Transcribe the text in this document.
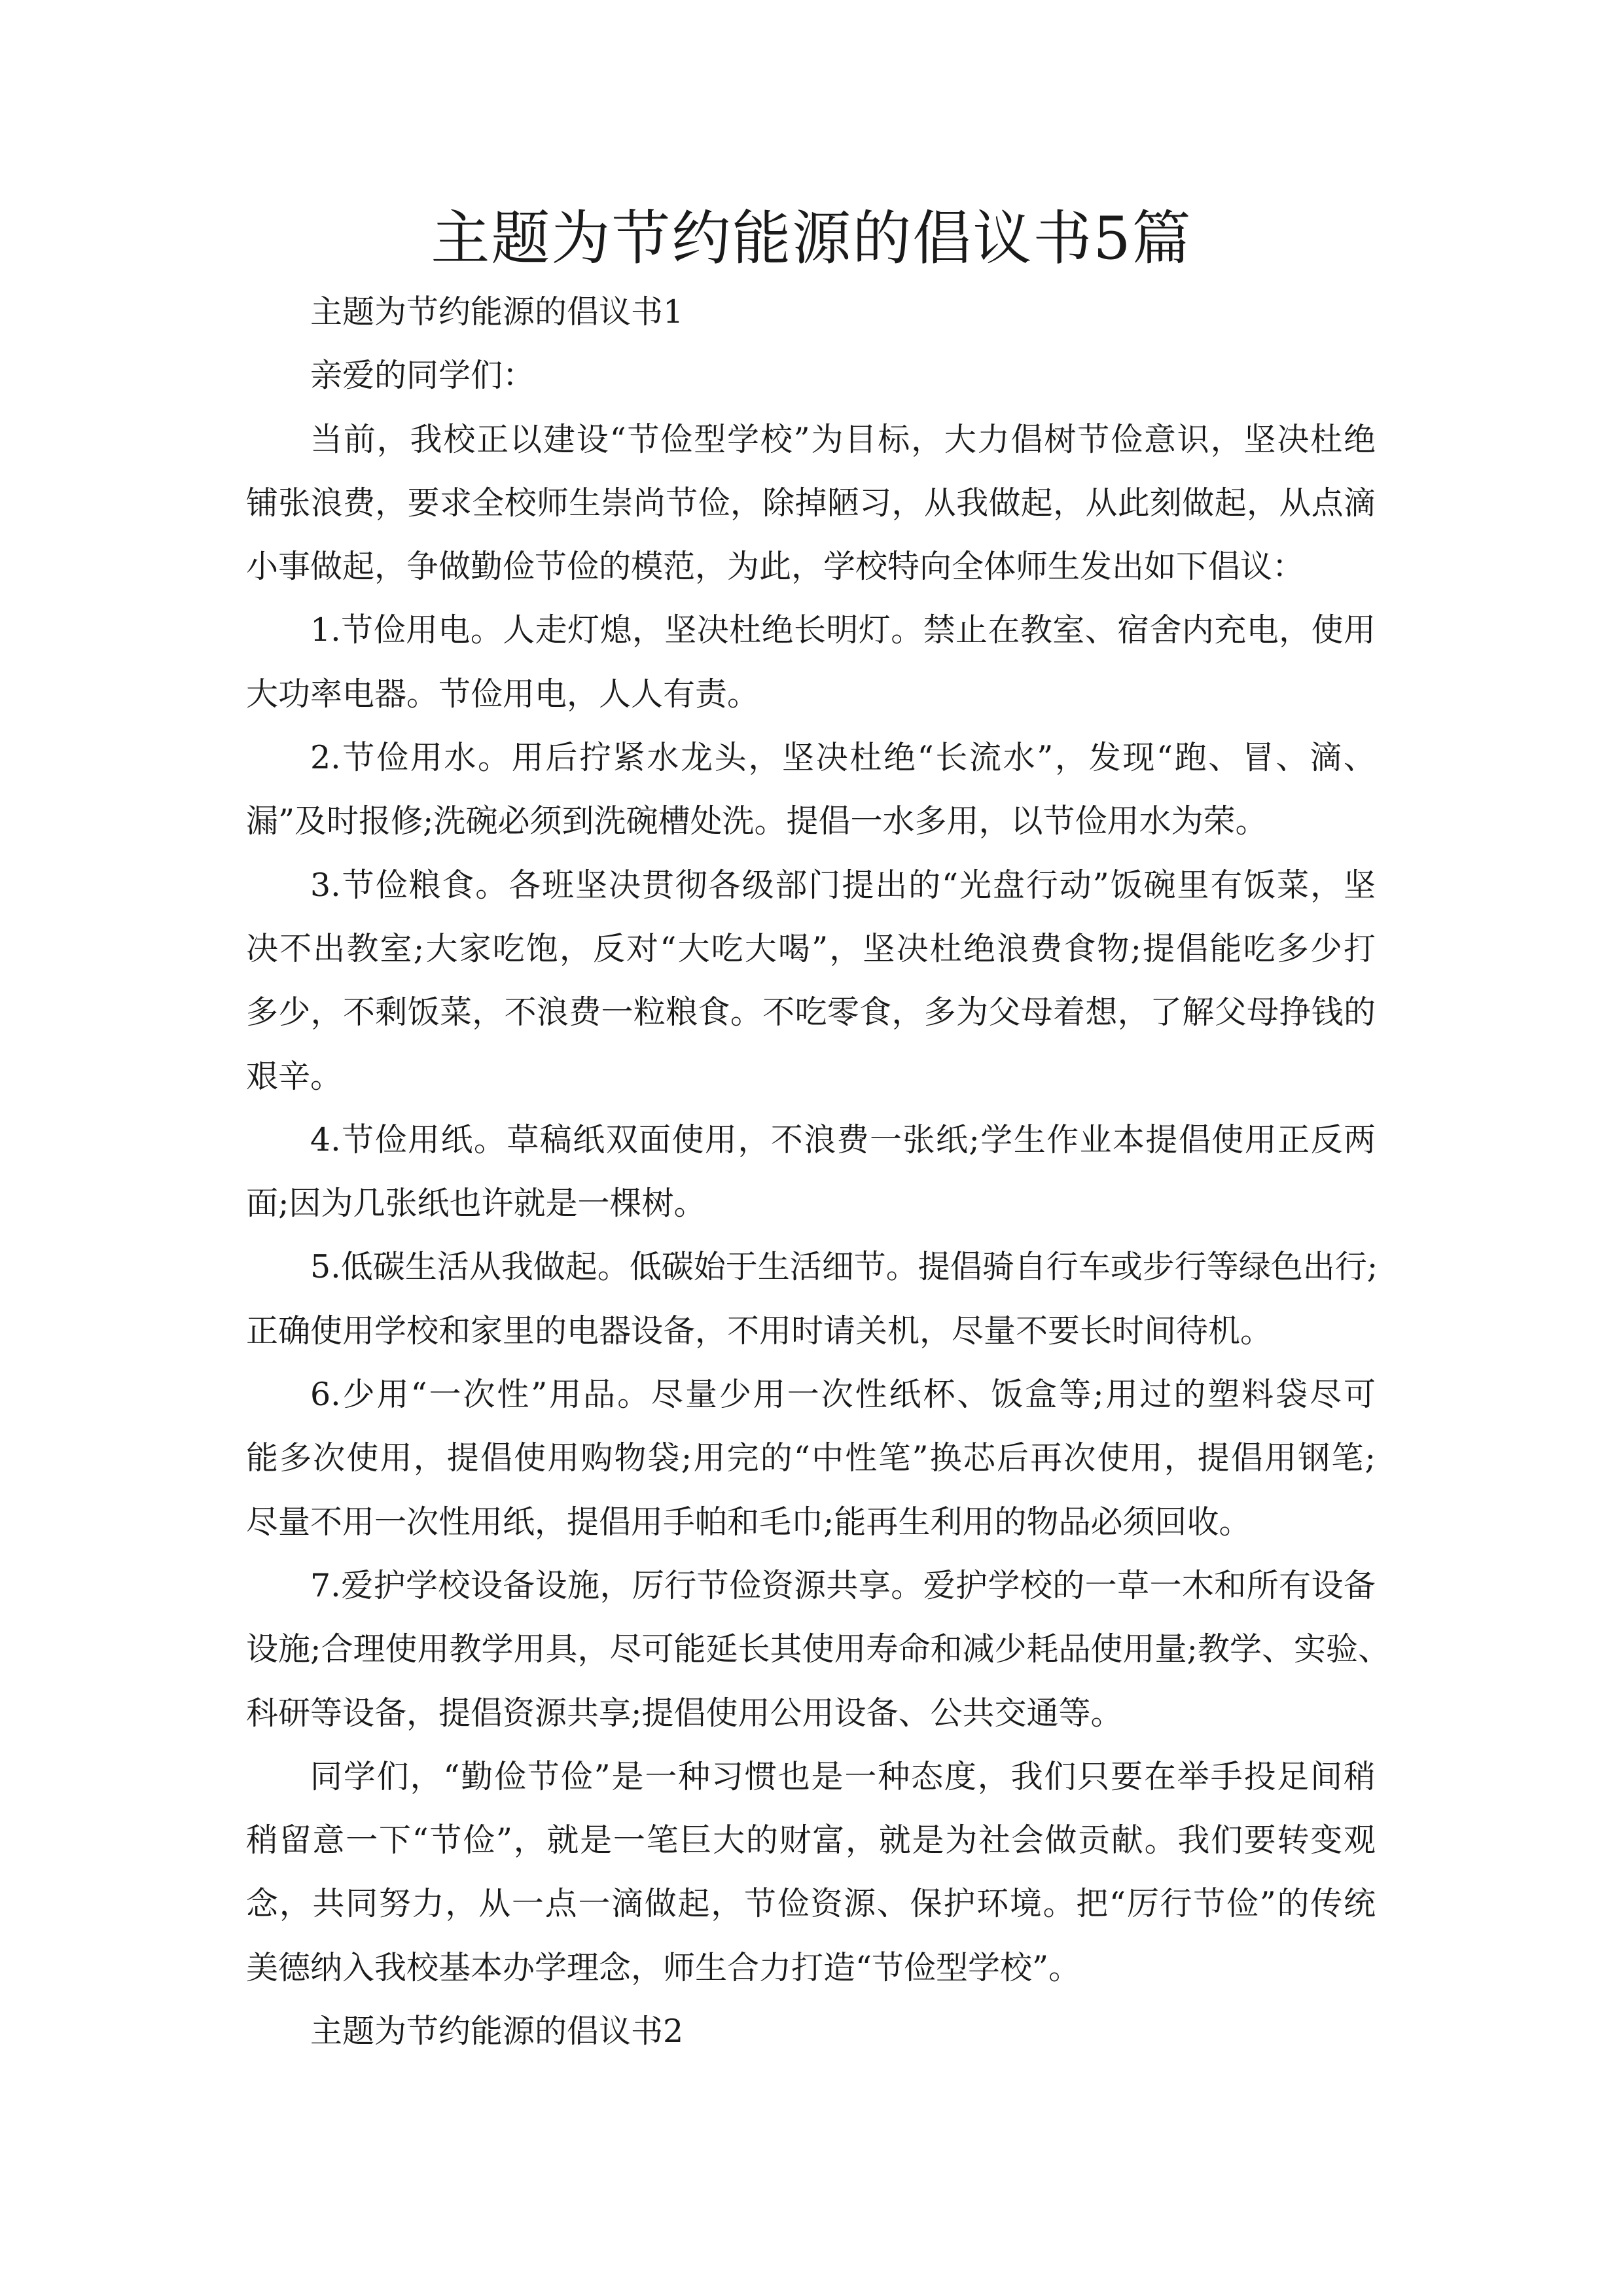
主题为节约能源的倡议书5篇
主题为节约能源的倡议书1
亲爱的同学们：
当前，我校正以建设“节俭型学校”为目标，大力倡树节俭意识，坚决杜绝
铺张浪费，要求全校师生崇尚节俭，除掉陋习，从我做起，从此刻做起，从点滴
小事做起，争做勤俭节俭的模范，为此，学校特向全体师生发出如下倡议：
1.节俭用电。人走灯熄，坚决杜绝长明灯。禁止在教室、宿舍内充电，使用
大功率电器。节俭用电，人人有责。
2.节俭用水。用后拧紧水龙头，坚决杜绝“长流水”，发现“跑、冒、滴、
漏”及时报修;洗碗必须到洗碗槽处洗。提倡一水多用，以节俭用水为荣。
3.节俭粮食。各班坚决贯彻各级部门提出的“光盘行动”饭碗里有饭菜，坚
决不出教室;大家吃饱，反对“大吃大喝”，坚决杜绝浪费食物;提倡能吃多少打
多少，不剩饭菜，不浪费一粒粮食。不吃零食，多为父母着想，了解父母挣钱的
艰辛。
4.节俭用纸。草稿纸双面使用，不浪费一张纸;学生作业本提倡使用正反两
面;因为几张纸也许就是一棵树。
5.低碳生活从我做起。低碳始于生活细节。提倡骑自行车或步行等绿色出行;
正确使用学校和家里的电器设备，不用时请关机，尽量不要长时间待机。
6.少用“一次性”用品。尽量少用一次性纸杯、饭盒等;用过的塑料袋尽可
能多次使用，提倡使用购物袋;用完的“中性笔”换芯后再次使用，提倡用钢笔;
尽量不用一次性用纸，提倡用手帕和毛巾;能再生利用的物品必须回收。
7.爱护学校设备设施，厉行节俭资源共享。爱护学校的一草一木和所有设备
设施;合理使用教学用具，尽可能延长其使用寿命和减少耗品使用量;教学、实验、
科研等设备，提倡资源共享;提倡使用公用设备、公共交通等。
同学们，“勤俭节俭”是一种习惯也是一种态度，我们只要在举手投足间稍
稍留意一下“节俭”，就是一笔巨大的财富，就是为社会做贡献。我们要转变观
念，共同努力，从一点一滴做起，节俭资源、保护环境。把“厉行节俭”的传统
美德纳入我校基本办学理念，师生合力打造“节俭型学校”。
主题为节约能源的倡议书2
